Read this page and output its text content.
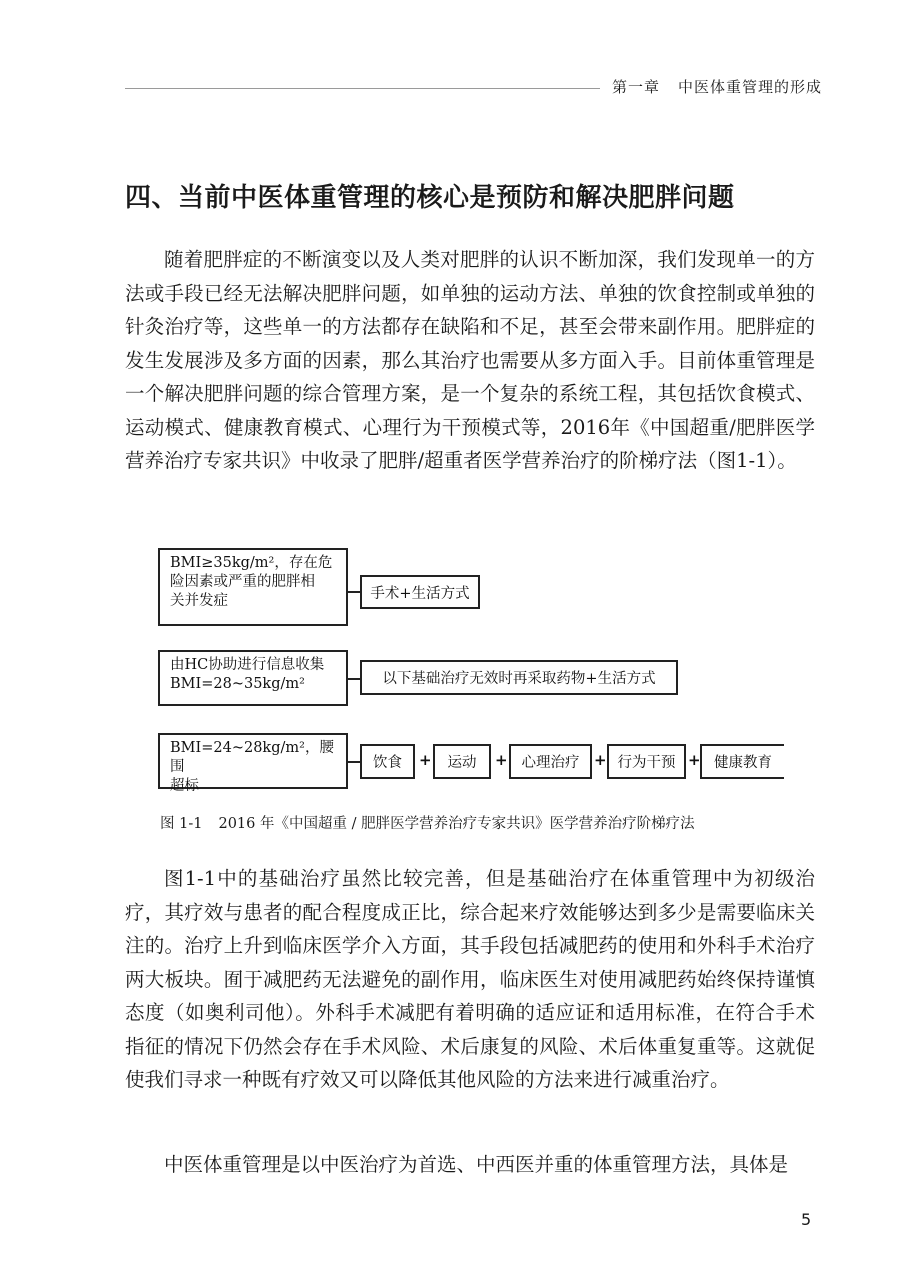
第一章 中医体重管理的形成
四、当前中医体重管理的核心是预防和解决肥胖问题

随着肥胖症的不断演变以及人类对肥胖的认识不断加深，我们发现单一的方法或手段已经无法解决肥胖问题，如单独的运动方法、单独的饮食控制或单独的针灸治疗等，这些单一的方法都存在缺陷和不足，甚至会带来副作用。肥胖症的发生发展涉及多方面的因素，那么其治疗也需要从多方面入手。目前体重管理是一个解决肥胖问题的综合管理方案，是一个复杂的系统工程，其包括饮食模式、运动模式、健康教育模式、心理行为干预模式等，2016年《中国超重/肥胖医学营养治疗专家共识》中收录了肥胖/超重者医学营养治疗的阶梯疗法（图1-1）。

BMI≥35kg/m²，存在危
险因素或严重的肥胖相
关并发症	手术+生活方式
由HC协助进行信息收集
BMI=28~35kg/m²	以下基础治疗无效时再采取药物+生活方式
BMI=24~28kg/m²，腰围
超标
饮食 + 运动 + 心理治疗 + 行为干预 + 健康教育
图 1-1 2016 年《中国超重 / 肥胖医学营养治疗专家共识》医学营养治疗阶梯疗法

图1-1中的基础治疗虽然比较完善，但是基础治疗在体重管理中为初级治疗，其疗效与患者的配合程度成正比，综合起来疗效能够达到多少是需要临床关注的。治疗上升到临床医学介入方面，其手段包括减肥药的使用和外科手术治疗两大板块。囿于减肥药无法避免的副作用，临床医生对使用减肥药始终保持谨慎态度（如奥利司他）。外科手术减肥有着明确的适应证和适用标准，在符合手术指征的情况下仍然会存在手术风险、术后康复的风险、术后体重复重等。这就促使我们寻求一种既有疗效又可以降低其他风险的方法来进行减重治疗。

中医体重管理是以中医治疗为首选、中西医并重的体重管理方法，具体是

5
